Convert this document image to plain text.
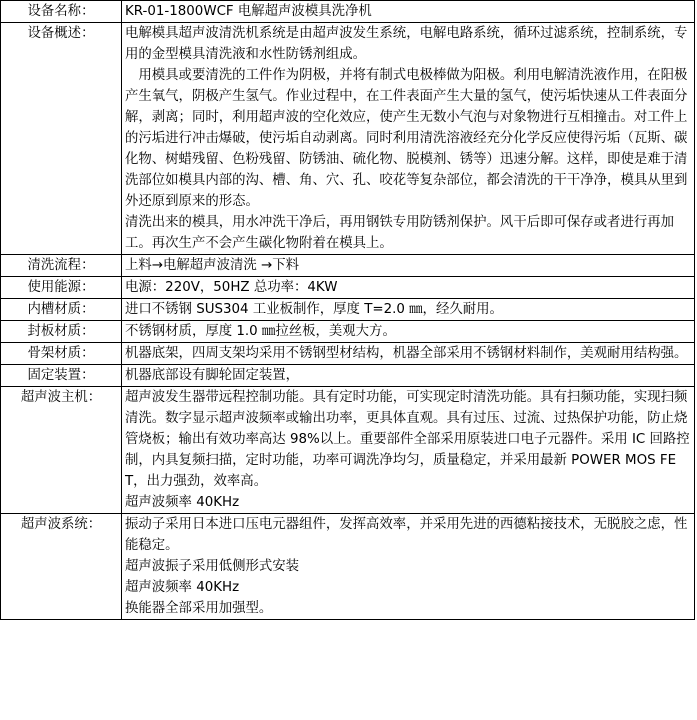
设备名称：	KR-01-1800WCF 电解超声波模具洗净机

设备概述：	电解模具超声波清洗机系统是由超声波发生系统，电解电路系统，循环过滤系统，控制系统，专用的金型模具清洗液和水性防锈剂组成。

　用模具或要清洗的工件作为阴极，并将有制式电极棒做为阳极。利用电解清洗液作用，在阳极产生氧气，阴极产生氢气。作业过程中，在工件表面产生大量的氢气，使污垢快速从工件表面分解，剥离；同时，利用超声波的空化效应，使产生无数小气泡与对象物进行互相撞击。对工件上的污垢进行冲击爆破，使污垢自动剥离。同时利用清洗溶液经充分化学反应使得污垢（瓦斯、碳化物、树蜡残留、色粉残留、防锈油、硫化物、脱模剂、锈等）迅速分解。这样，即使是难于清洗部位如模具内部的沟、槽、角、穴、孔、咬花等复杂部位，都会清洗的干干净净，模具从里到外还原到原来的形态。

清洗出来的模具，用水冲洗干净后，再用钢铁专用防锈剂保护。风干后即可保存或者进行再加工。再次生产不会产生碳化物附着在模具上。

清洗流程：	上料→电解超声波清洗 →下料

使用能源：	电源：220V，50HZ 总功率：4KW

内槽材质：	进口不锈钢 SUS304 工业板制作，厚度 T=2.0 ㎜，经久耐用。

封板材质：	不锈钢材质，厚度 1.0 ㎜拉丝板，美观大方。

骨架材质：	机器底架，四周支架均采用不锈钢型材结构，机器全部采用不锈钢材料制作，美观耐用结构强。

固定装置：	机器底部设有脚轮固定装置，

超声波主机：	超声波发生器带远程控制功能。具有定时功能，可实现定时清洗功能。具有扫频功能，实现扫频清洗。数字显示超声波频率或输出功率，更具体直观。具有过压、过流、过热保护功能，防止烧管烧板；输出有效功率高达 98%以上。重要部件全部采用原装进口电子元器件。采用 IC 回路控制，内具复频扫描，定时功能，功率可调洗净均匀，质量稳定，并采用最新 POWER MOS FET，出力强劲，效率高。

超声波频率 40KHz

超声波系统：	振动子采用日本进口压电元器组件，发挥高效率，并采用先进的西德粘接技术，无脱胶之虑，性能稳定。

超声波振子采用低侧形式安装

超声波频率 40KHz

换能器全部采用加强型。
